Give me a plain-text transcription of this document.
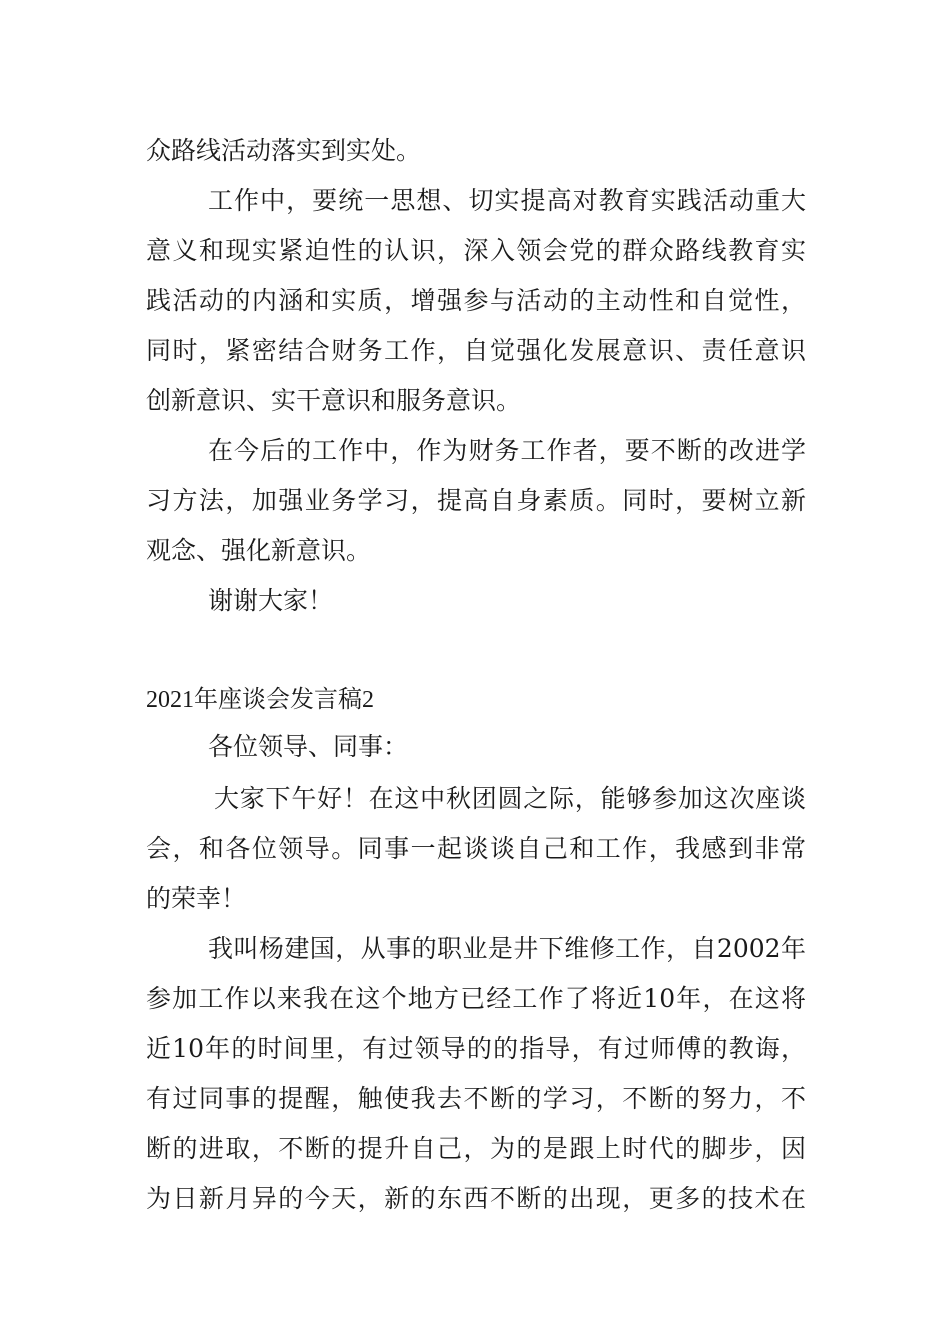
众路线活动落实到实处。
工作中，要统一思想、切实提高对教育实践活动重大
意义和现实紧迫性的认识，深入领会党的群众路线教育实
践活动的内涵和实质，增强参与活动的主动性和自觉性，
同时，紧密结合财务工作，自觉强化发展意识、责任意识
创新意识、实干意识和服务意识。
在今后的工作中，作为财务工作者，要不断的改进学
习方法，加强业务学习，提高自身素质。同时，要树立新
观念、强化新意识。
谢谢大家！
2021年座谈会发言稿2
各位领导、同事：
大家下午好！在这中秋团圆之际，能够参加这次座谈
会，和各位领导。同事一起谈谈自己和工作，我感到非常
的荣幸！
我叫杨建国，从事的职业是井下维修工作，自2002年
参加工作以来我在这个地方已经工作了将近10年，在这将
近10年的时间里，有过领导的的指导，有过师傅的教诲，
有过同事的提醒，触使我去不断的学习，不断的努力，不
断的进取，不断的提升自己，为的是跟上时代的脚步，因
为日新月异的今天，新的东西不断的出现，更多的技术在
